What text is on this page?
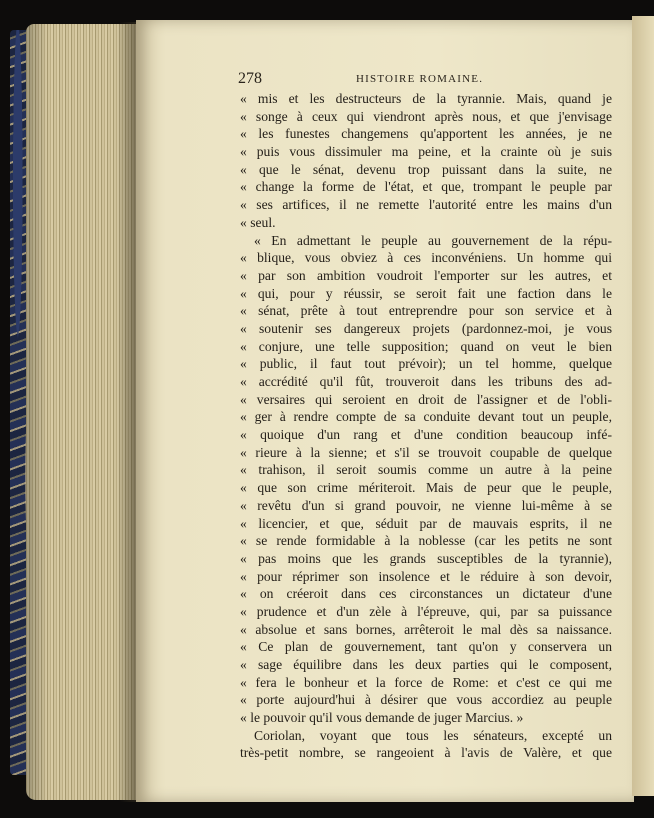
278	HISTOIRE ROMAINE.
« mis et les destructeurs de la tyrannie. Mais, quand je
« songe à ceux qui viendront après nous, et que j'envisage
« les funestes changemens qu'apportent les années, je ne
« puis vous dissimuler ma peine, et la crainte où je suis
« que le sénat, devenu trop puissant dans la suite, ne
« change la forme de l'état, et que, trompant le peuple par
« ses artifices, il ne remette l'autorité entre les mains d'un
« seul.
« En admettant le peuple au gouvernement de la répu-
« blique, vous obviez à ces inconvéniens. Un homme qui
« par son ambition voudroit l'emporter sur les autres, et
« qui, pour y réussir, se seroit fait une faction dans le
« sénat, prête à tout entreprendre pour son service et à
« soutenir ses dangereux projets (pardonnez-moi, je vous
« conjure, une telle supposition; quand on veut le bien
« public, il faut tout prévoir); un tel homme, quelque
« accrédité qu'il fût, trouveroit dans les tribuns des ad-
« versaires qui seroient en droit de l'assigner et de l'obli-
« ger à rendre compte de sa conduite devant tout un peuple,
« quoique d'un rang et d'une condition beaucoup infé-
« rieure à la sienne; et s'il se trouvoit coupable de quelque
« trahison, il seroit soumis comme un autre à la peine
« que son crime mériteroit. Mais de peur que le peuple,
« revêtu d'un si grand pouvoir, ne vienne lui-même à se
« licencier, et que, séduit par de mauvais esprits, il ne
« se rende formidable à la noblesse (car les petits ne sont
« pas moins que les grands susceptibles de la tyrannie),
« pour réprimer son insolence et le réduire à son devoir,
« on créeroit dans ces circonstances un dictateur d'une
« prudence et d'un zèle à l'épreuve, qui, par sa puissance
« absolue et sans bornes, arrêteroit le mal dès sa naissance.
« Ce plan de gouvernement, tant qu'on y conservera un
« sage équilibre dans les deux parties qui le composent,
« fera le bonheur et la force de Rome: et c'est ce qui me
« porte aujourd'hui à désirer que vous accordiez au peuple
« le pouvoir qu'il vous demande de juger Marcius. »
Coriolan, voyant que tous les sénateurs, excepté un
très-petit nombre, se rangeoient à l'avis de Valère, et que
